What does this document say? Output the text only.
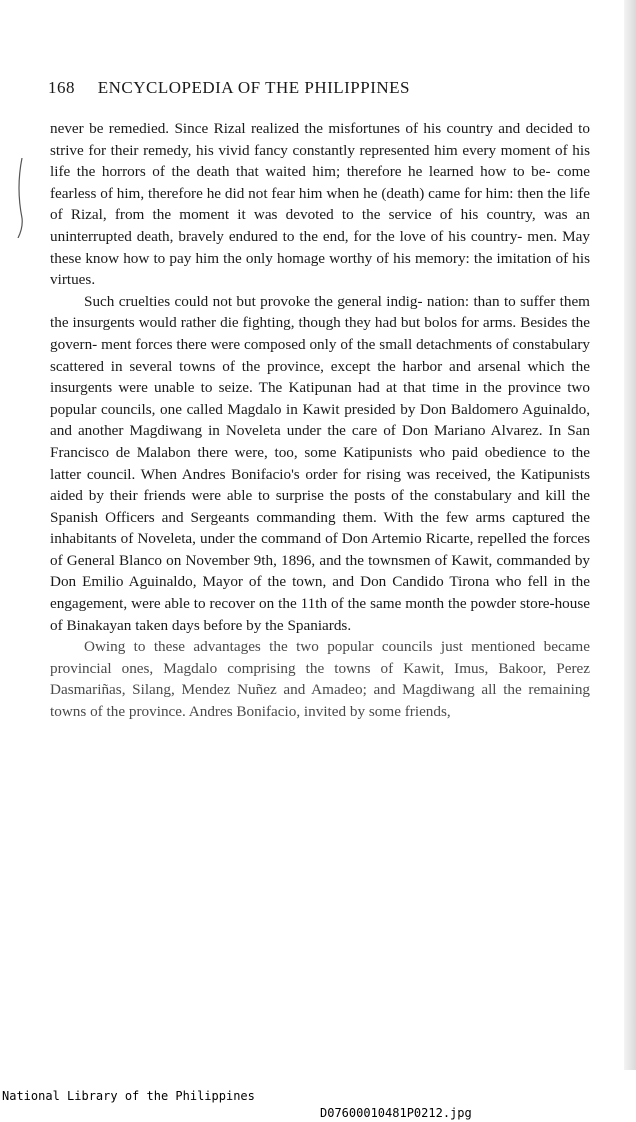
168 ENCYCLOPEDIA OF THE PHILIPPINES

never be remedied. Since Rizal realized the misfortunes of his country and decided to strive for their remedy, his vivid fancy constantly represented him every moment of his life the horrors of the death that waited him; therefore he learned how to be- come fearless of him, therefore he did not fear him when he (death) came for him: then the life of Rizal, from the moment it was devoted to the service of his country, was an uninterrupted death, bravely endured to the end, for the love of his country- men. May these know how to pay him the only homage worthy of his memory: the imitation of his virtues.

Such cruelties could not but provoke the general indig- nation: than to suffer them the insurgents would rather die fighting, though they had but bolos for arms. Besides the govern- ment forces there were composed only of the small detachments of constabulary scattered in several towns of the province, except the harbor and arsenal which the insurgents were unable to seize. The Katipunan had at that time in the province two popular councils, one called Magdalo in Kawit presided by Don Baldomero Aguinaldo, and another Magdiwang in Noveleta under the care of Don Mariano Alvarez. In San Francisco de Malabon there were, too, some Katipunists who paid obedience to the latter council. When Andres Bonifacio's order for rising was received, the Katipunists aided by their friends were able to surprise the posts of the constabulary and kill the Spanish Officers and Sergeants commanding them. With the few arms captured the inhabitants of Noveleta, under the command of Don Artemio Ricarte, repelled the forces of General Blanco on November 9th, 1896, and the townsmen of Kawit, commanded by Don Emilio Aguinaldo, Mayor of the town, and Don Candido Tirona who fell in the engagement, were able to recover on the 11th of the same month the powder store-house of Binakayan taken days before by the Spaniards.

Owing to these advantages the two popular councils just mentioned became provincial ones, Magdalo comprising the towns of Kawit, Imus, Bakoor, Perez Dasmariñas, Silang, Mendez Nuñez and Amadeo; and Magdiwang all the remaining towns of the province. Andres Bonifacio, invited by some friends,

National Library of the Philippines

D07600010481P0212.jpg
